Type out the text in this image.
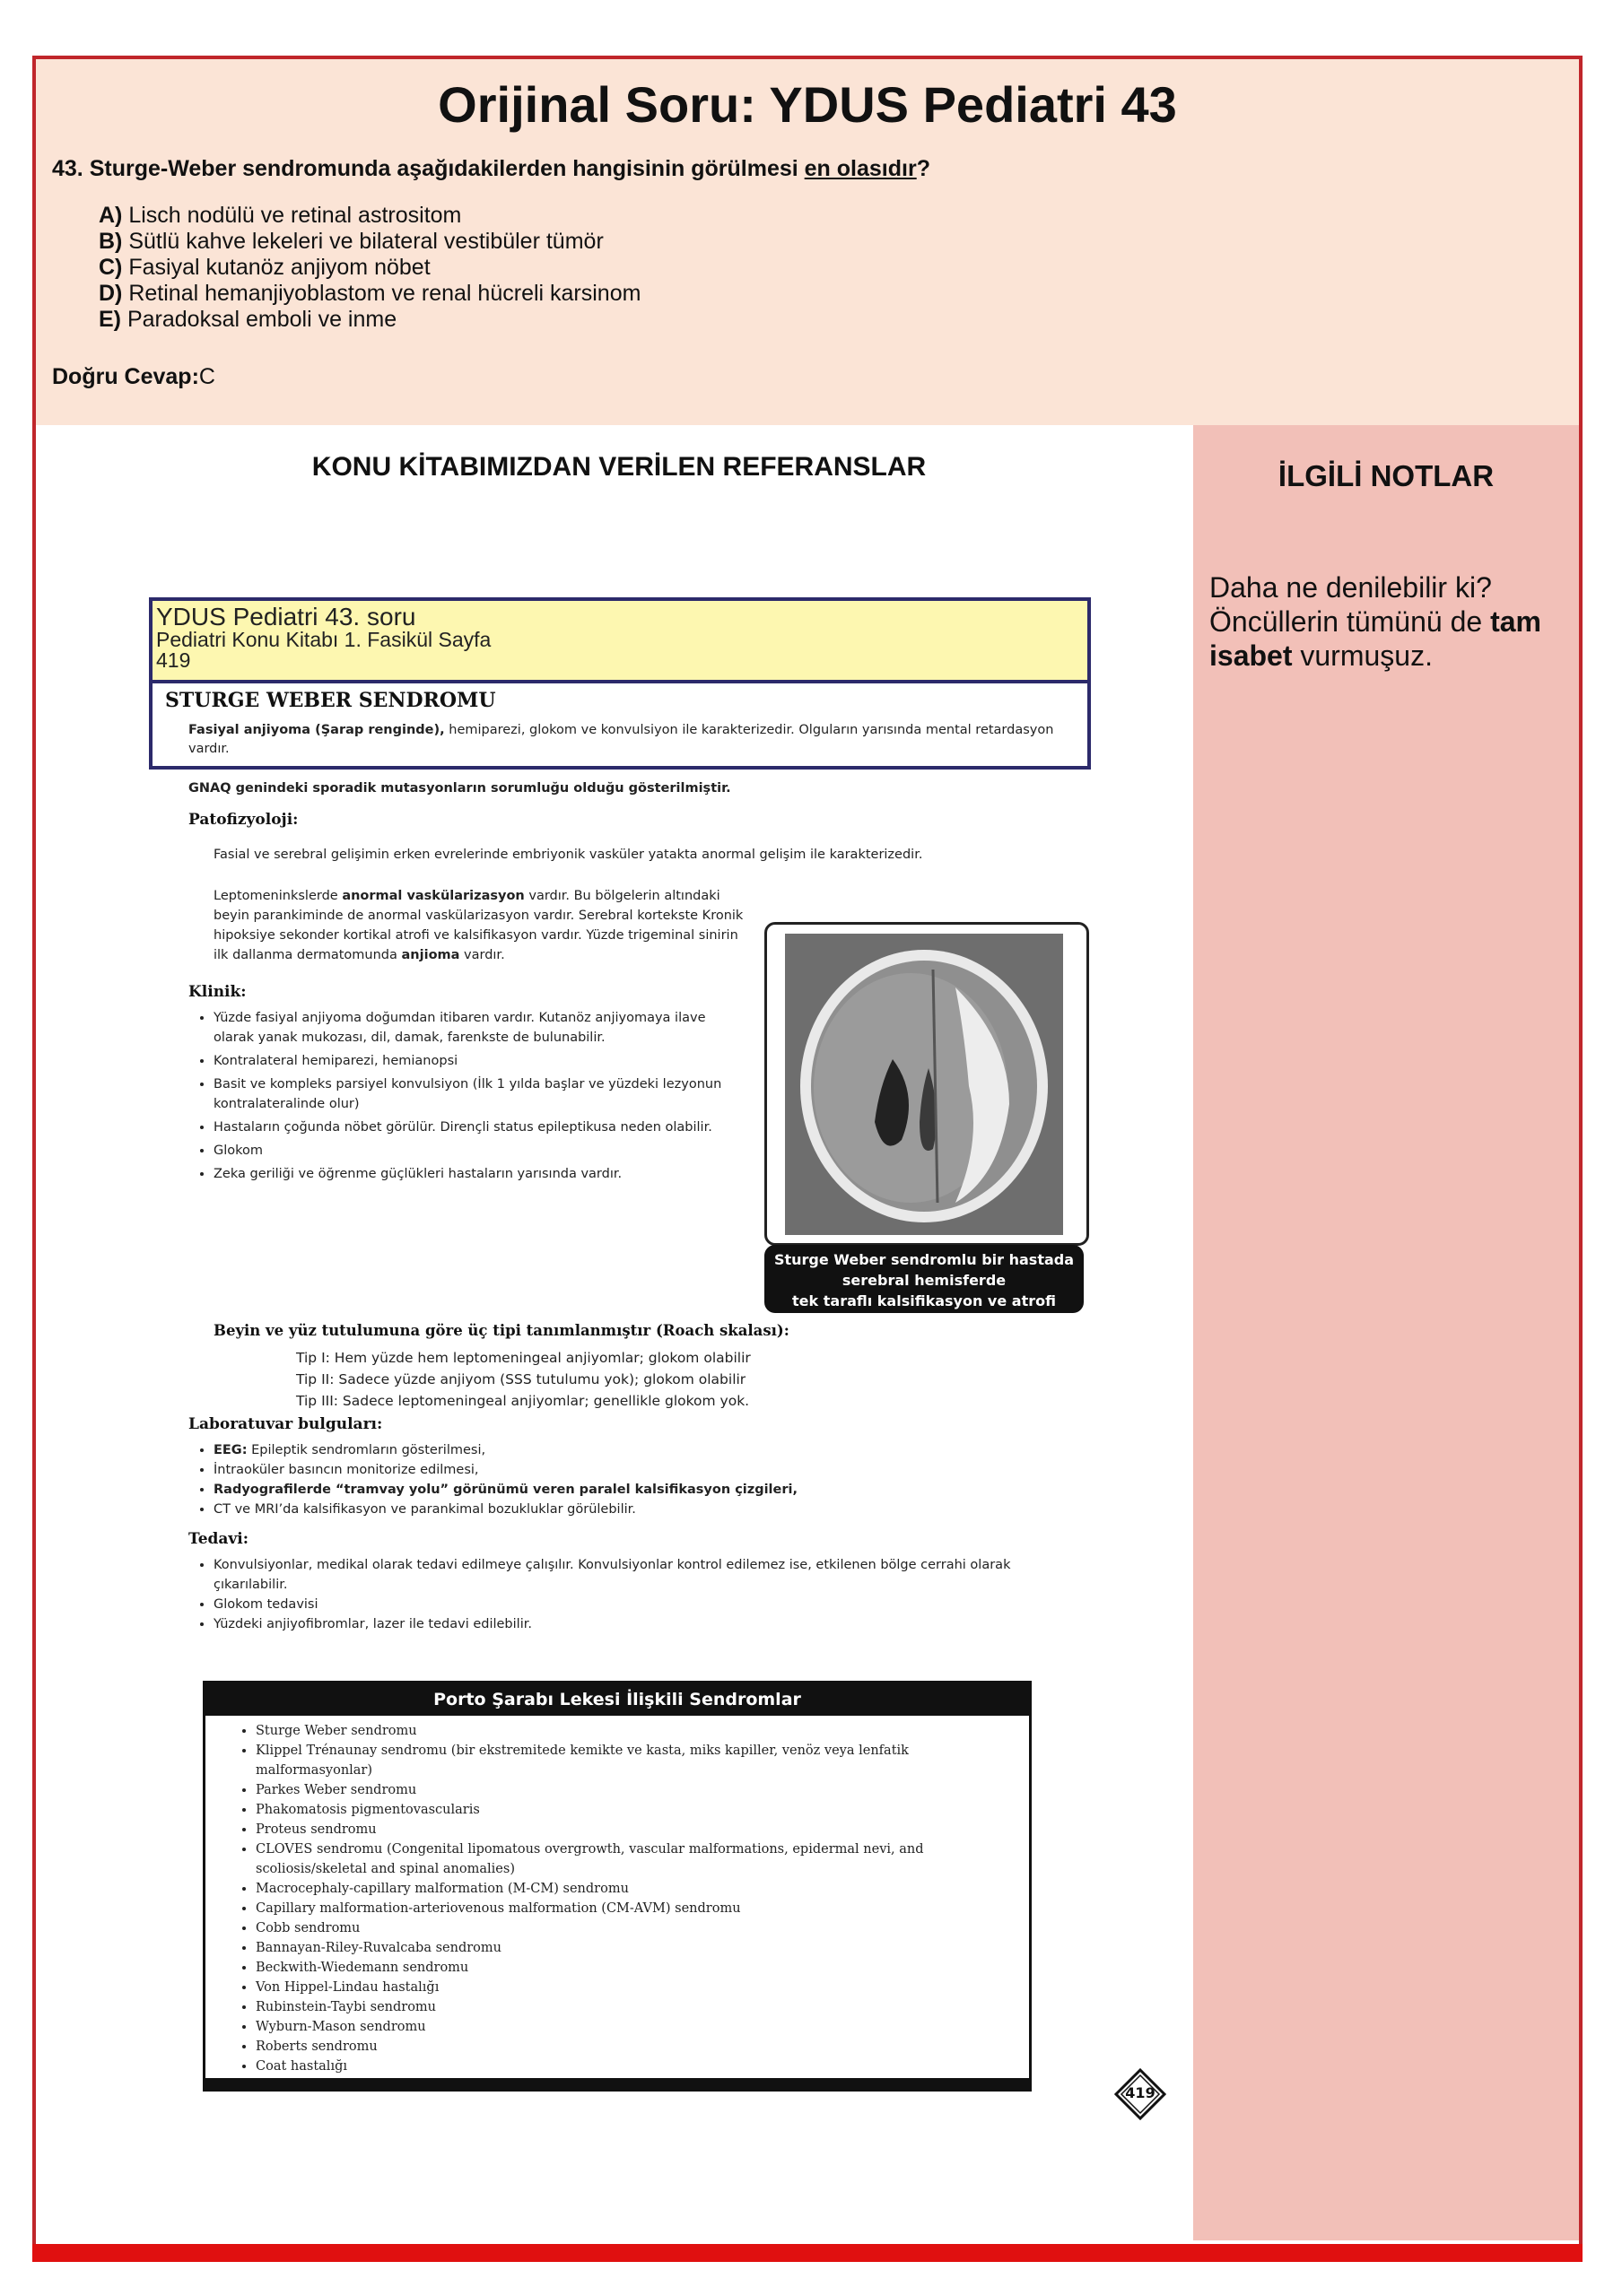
Orijinal Soru: YDUS Pediatri 43
43. Sturge-Weber sendromunda aşağıdakilerden hangisinin görülmesi en olasıdır?
A) Lisch nodülü ve retinal astrositom
B) Sütlü kahve lekeleri ve bilateral vestibüler tümör
C) Fasiyal kutanöz anjiyom nöbet
D) Retinal hemanjiyoblastom ve renal hücreli karsinom
E) Paradoksal emboli ve inme
Doğru Cevap:C
KONU KİTABIMIZDAN VERİLEN REFERANSLAR
YDUS Pediatri 43. soru
Pediatri Konu Kitabı 1. Fasikül Sayfa
419
STURGE WEBER SENDROMU
Fasiyal anjiyoma (Şarap renginde), hemiparezi, glokom ve konvulsiyon ile karakterizedir. Olguların yarısında mental retardasyon vardır.
GNAQ genindeki sporadik mutasyonların sorumluğu olduğu gösterilmiştir.
Patofizyoloji:
Fasial ve serebral gelişimin erken evrelerinde embriyonik vasküler yatakta anormal gelişim ile karakterizedir.
Leptomeninkslerde anormal vaskülarizasyon vardır. Bu bölgelerin altındaki beyin parankiminde de anormal vaskülarizasyon vardır. Serebral kortekste Kronik hipoksiye sekonder kortikal atrofi ve kalsifikasyon vardır. Yüzde trigeminal sinirin ilk dallanma dermatomunda anjioma vardır.
Klinik:
• Yüzde fasiyal anjiyoma doğumdan itibaren vardır. Kutanöz anjiyomaya ilave olarak yanak mukozası, dil, damak, farenkste de bulunabilir.
• Kontralateral hemiparezi, hemianopsi
• Basit ve kompleks parsiyel konvulsiyon (İlk 1 yılda başlar ve yüzdeki lezyonun kontralateralinde olur)
• Hastaların çoğunda nöbet görülür. Dirençli status epileptikusa neden olabilir.
• Glokom
• Zeka geriliği ve öğrenme güçlükleri hastaların yarısında vardır.
Sturge Weber sendromlu bir hastada
serebral hemisferde
tek taraflı kalsifikasyon ve atrofi
Beyin ve yüz tutulumuna göre üç tipi tanımlanmıştır (Roach skalası):
Tip I: Hem yüzde hem leptomeningeal anjiyomlar; glokom olabilir
Tip II: Sadece yüzde anjiyom (SSS tutulumu yok); glokom olabilir
Tip III: Sadece leptomeningeal anjiyomlar; genellikle glokom yok.
Laboratuvar bulguları:
• EEG: Epileptik sendromların gösterilmesi,
• İntraoküler basıncın monitorize edilmesi,
• Radyografilerde “tramvay yolu” görünümü veren paralel kalsifikasyon çizgileri,
• CT ve MRI’da kalsifikasyon ve parankimal bozukluklar görülebilir.
Tedavi:
• Konvulsiyonlar, medikal olarak tedavi edilmeye çalışılır. Konvulsiyonlar kontrol edilemez ise, etkilenen bölge cerrahi olarak çıkarılabilir.
• Glokom tedavisi
• Yüzdeki anjiyofibromlar, lazer ile tedavi edilebilir.
Porto Şarabı Lekesi İlişkili Sendromlar
• Sturge Weber sendromu
• Klippel Trénaunay sendromu (bir ekstremitede kemikte ve kasta, miks kapiller, venöz veya lenfatik malformasyonlar)
• Parkes Weber sendromu
• Phakomatosis pigmentovascularis
• Proteus sendromu
• CLOVES sendromu (Congenital lipomatous overgrowth, vascular malformations, epidermal nevi, and scoliosis/skeletal and spinal anomalies)
• Macrocephaly-capillary malformation (M-CM) sendromu
• Capillary malformation-arteriovenous malformation (CM-AVM) sendromu
• Cobb sendromu
• Bannayan-Riley-Ruvalcaba sendromu
• Beckwith-Wiedemann sendromu
• Von Hippel-Lindau hastalığı
• Rubinstein-Taybi sendromu
• Wyburn-Mason sendromu
• Roberts sendromu
• Coat hastalığı
419
İLGİLİ NOTLAR
Daha ne denilebilir ki? Öncüllerin tümünü de tam isabet vurmuşuz.
